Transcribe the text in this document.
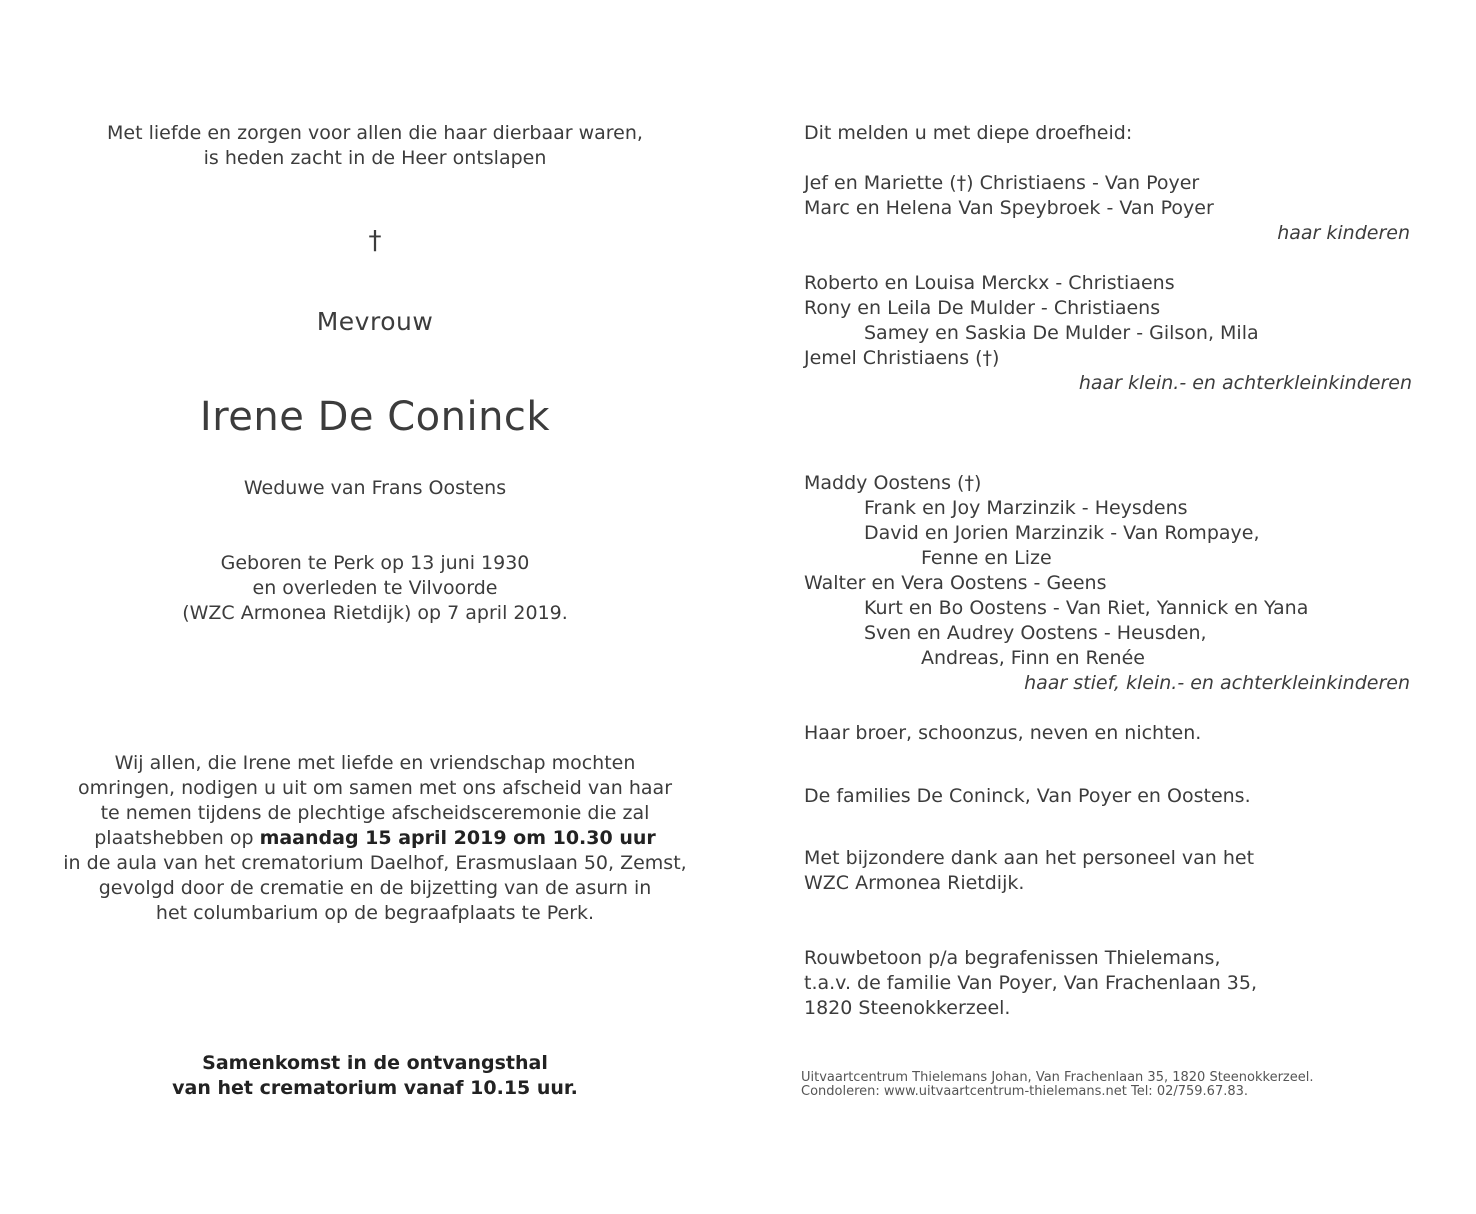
Met liefde en zorgen voor allen die haar dierbaar waren,
is heden zacht in de Heer ontslapen
†
Mevrouw
Irene De Coninck
Weduwe van Frans Oostens
Geboren te Perk op 13 juni 1930
en overleden te Vilvoorde
(WZC Armonea Rietdijk) op 7 april 2019.
Wij allen, die Irene met liefde en vriendschap mochten
omringen, nodigen u uit om samen met ons afscheid van haar
te nemen tijdens de plechtige afscheidsceremonie die zal
plaatshebben op maandag 15 april 2019 om 10.30 uur
in de aula van het crematorium Daelhof, Erasmuslaan 50, Zemst,
gevolgd door de crematie en de bijzetting van de asurn in
het columbarium op de begraafplaats te Perk.
Samenkomst in de ontvangsthal
van het crematorium vanaf 10.15 uur.
Dit melden u met diepe droefheid:
Jef en Mariette (†) Christiaens - Van Poyer
Marc en Helena Van Speybroek - Van Poyer
haar kinderen
Roberto en Louisa Merckx - Christiaens
Rony en Leila De Mulder - Christiaens
Samey en Saskia De Mulder - Gilson, Mila
Jemel Christiaens (†)
haar klein.- en achterkleinkinderen
Maddy Oostens (†)
Frank en Joy Marzinzik - Heysdens
David en Jorien Marzinzik - Van Rompaye,
Fenne en Lize
Walter en Vera Oostens - Geens
Kurt en Bo Oostens - Van Riet, Yannick en Yana
Sven en Audrey Oostens - Heusden,
Andreas, Finn en Renée
haar stief, klein.- en achterkleinkinderen
Haar broer, schoonzus, neven en nichten.
De families De Coninck, Van Poyer en Oostens.
Met bijzondere dank aan het personeel van het
WZC Armonea Rietdijk.
Rouwbetoon p/a begrafenissen Thielemans,
t.a.v. de familie Van Poyer, Van Frachenlaan 35,
1820 Steenokkerzeel.
Uitvaartcentrum Thielemans Johan, Van Frachenlaan 35, 1820 Steenokkerzeel.
Condoleren: www.uitvaartcentrum-thielemans.net Tel: 02/759.67.83.
